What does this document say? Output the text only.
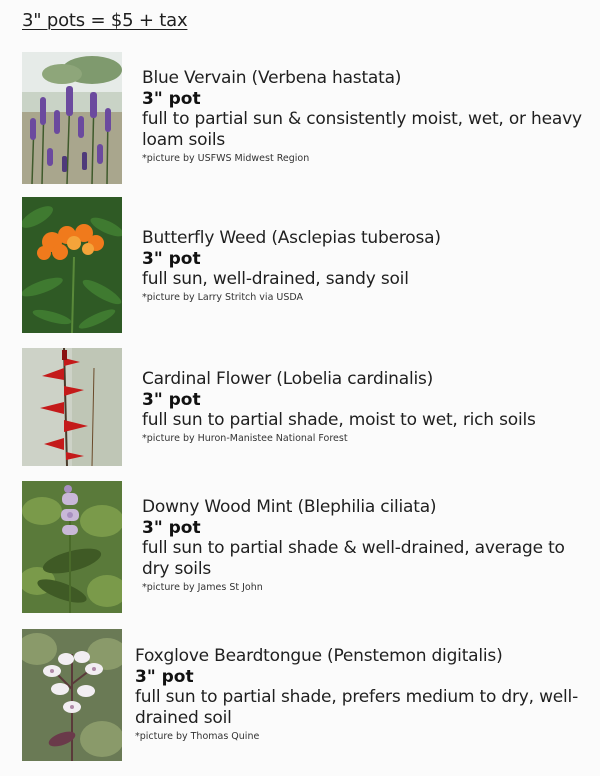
3" pots = $5 + tax
Blue Vervain (Verbena hastata)
3" pot
full to partial sun & consistently moist, wet, or heavy loam soils
*picture by USFWS Midwest Region
Butterfly Weed (Asclepias tuberosa)
3" pot
full sun, well-drained, sandy soil
*picture by Larry Stritch via USDA
Cardinal Flower (Lobelia cardinalis)
3" pot
full sun to partial shade, moist to wet, rich soils
*picture by Huron-Manistee National Forest
Downy Wood Mint (Blephilia ciliata)
3" pot
full sun to partial shade & well-drained, average to dry soils
*picture by James St John
Foxglove Beardtongue (Penstemon digitalis)
3" pot
full sun to partial shade, prefers medium to dry, well-drained soil
*picture by Thomas Quine
